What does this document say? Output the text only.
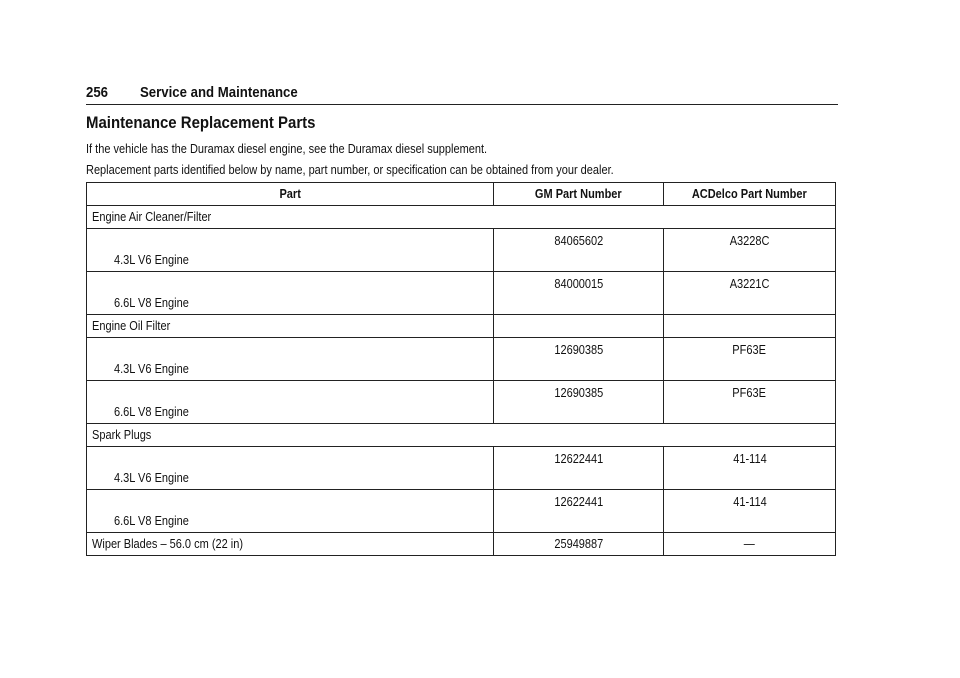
256 Service and Maintenance
Maintenance Replacement Parts
If the vehicle has the Duramax diesel engine, see the Duramax diesel supplement.
Replacement parts identified below by name, part number, or specification can be obtained from your dealer.
Part	GM Part Number	ACDelco Part Number
Engine Air Cleaner/Filter		

4.3L V6 Engine	84065602	A3228C

6.6L V8 Engine	84000015	A3221C
Engine Oil Filter		

4.3L V6 Engine	12690385	PF63E

6.6L V8 Engine	12690385	PF63E
Spark Plugs		

4.3L V6 Engine	12622441	41-114

6.6L V8 Engine	12622441	41-114
Wiper Blades – 56.0 cm (22 in)	25949887	—
